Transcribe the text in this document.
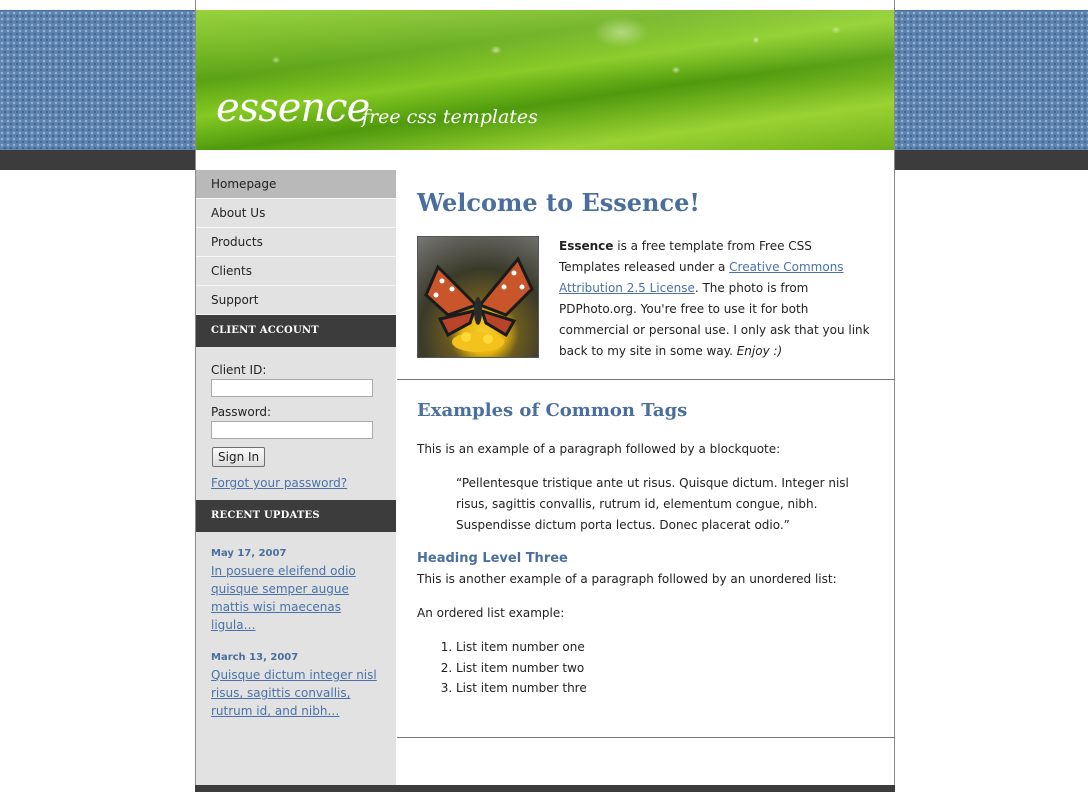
essence
free css templates
Homepage
About Us
Products
Clients
Support
CLIENT ACCOUNT
Client ID:
Password:
Sign In
Forgot your password?
RECENT UPDATES
May 17, 2007
In posuere eleifend odio quisque semper augue mattis wisi maecenas ligula…
March 13, 2007
Quisque dictum integer nisl risus, sagittis convallis, rutrum id, and nibh…
Welcome to Essence!
Essence is a free template from Free CSS Templates released under a Creative Commons Attribution 2.5 License. The photo is from PDPhoto.org. You're free to use it for both commercial or personal use. I only ask that you link back to my site in some way. Enjoy :)
Examples of Common Tags

This is an example of a paragraph followed by a blockquote:

“Pellentesque tristique ante ut risus. Quisque dictum. Integer nisl risus, sagittis convallis, rutrum id, elementum congue, nibh. Suspendisse dictum porta lectus. Donec placerat odio.”
Heading Level Three

This is another example of a paragraph followed by an unordered list:

An ordered list example:

1. List item number one
2. List item number two
3. List item number thre
